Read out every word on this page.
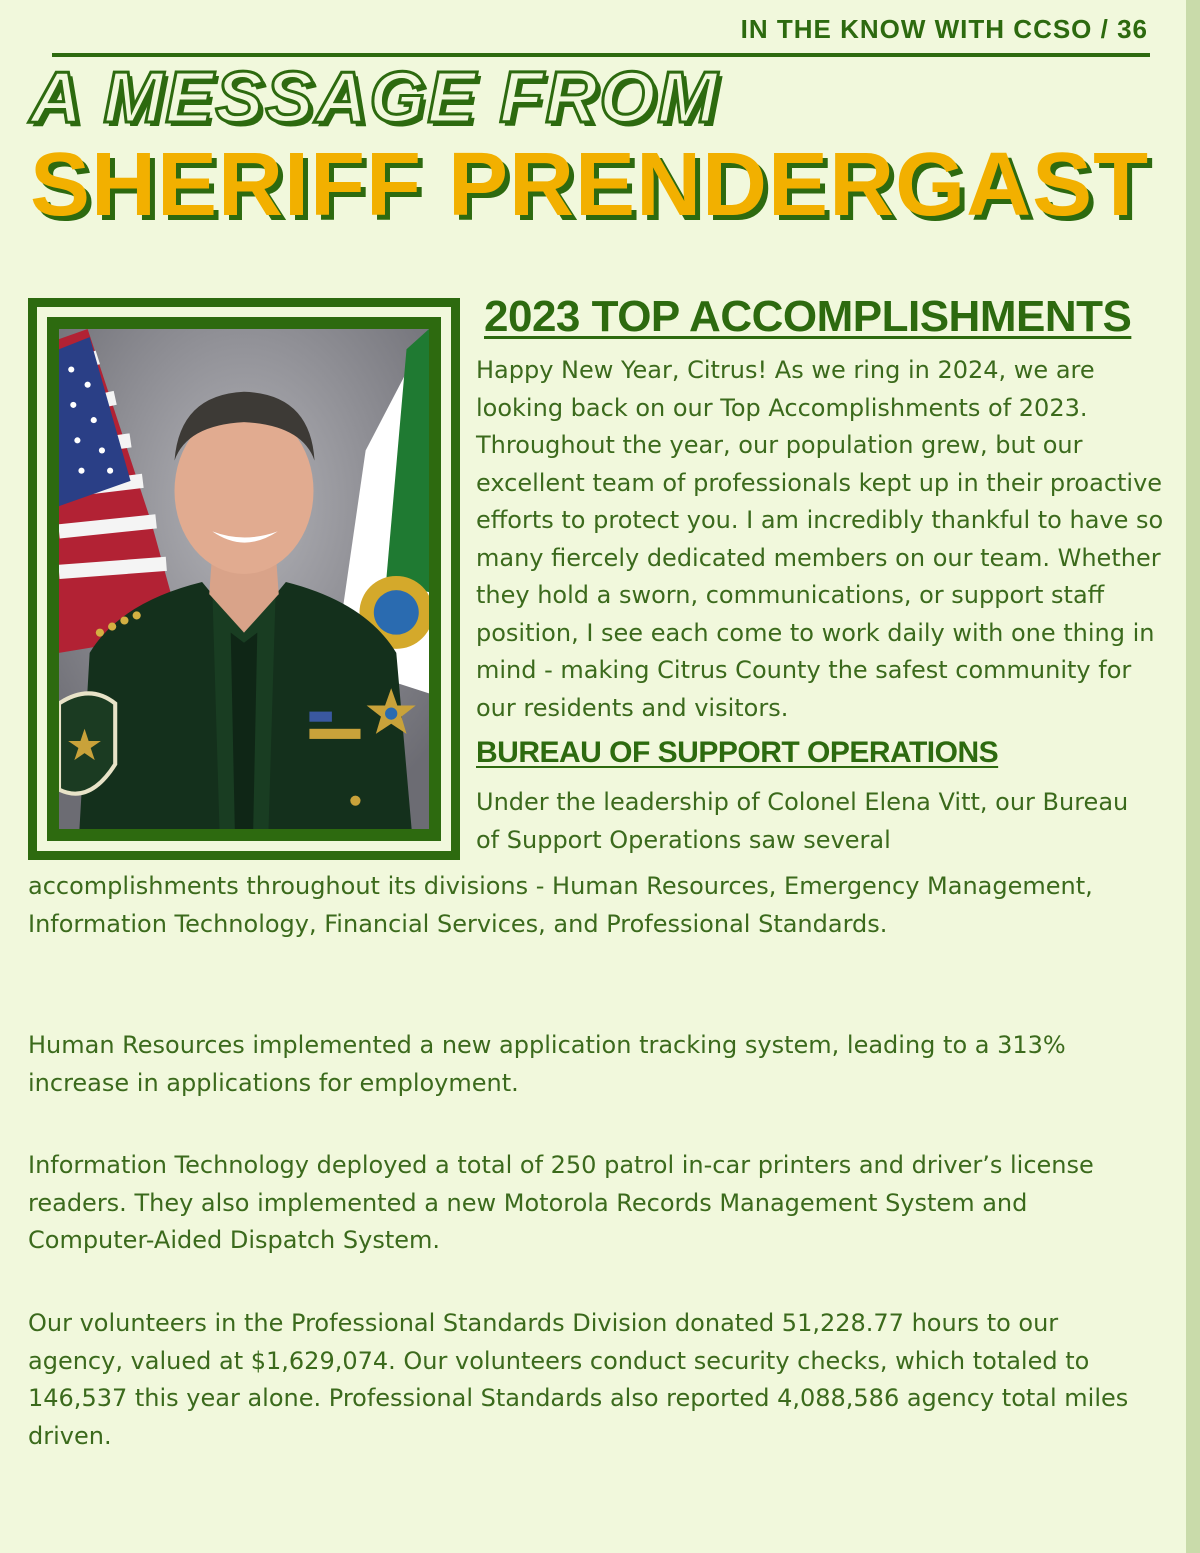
IN THE KNOW WITH CCSO / 36
A MESSAGE FROM
SHERIFF PRENDERGAST
2023 TOP ACCOMPLISHMENTS

Happy New Year, Citrus! As we ring in 2024, we are looking back on our Top Accomplishments of 2023. Throughout the year, our population grew, but our excellent team of professionals kept up in their proactive efforts to protect you. I am incredibly thankful to have so many fiercely dedicated members on our team. Whether they hold a sworn, communications, or support staff position, I see each come to work daily with one thing in mind - making Citrus County the safest community for our residents and visitors.

BUREAU OF SUPPORT OPERATIONS

Under the leadership of Colonel Elena Vitt, our Bureau of Support Operations saw several

accomplishments throughout its divisions - Human Resources, Emergency Management, Information Technology, Financial Services, and Professional Standards.

Human Resources implemented a new application tracking system, leading to a 313% increase in applications for employment.

Information Technology deployed a total of 250 patrol in-car printers and driver’s license readers. They also implemented a new Motorola Records Management System and Computer-Aided Dispatch System.

Our volunteers in the Professional Standards Division donated 51,228.77 hours to our agency, valued at $1,629,074. Our volunteers conduct security checks, which totaled to 146,537 this year alone. Professional Standards also reported 4,088,586 agency total miles driven.
